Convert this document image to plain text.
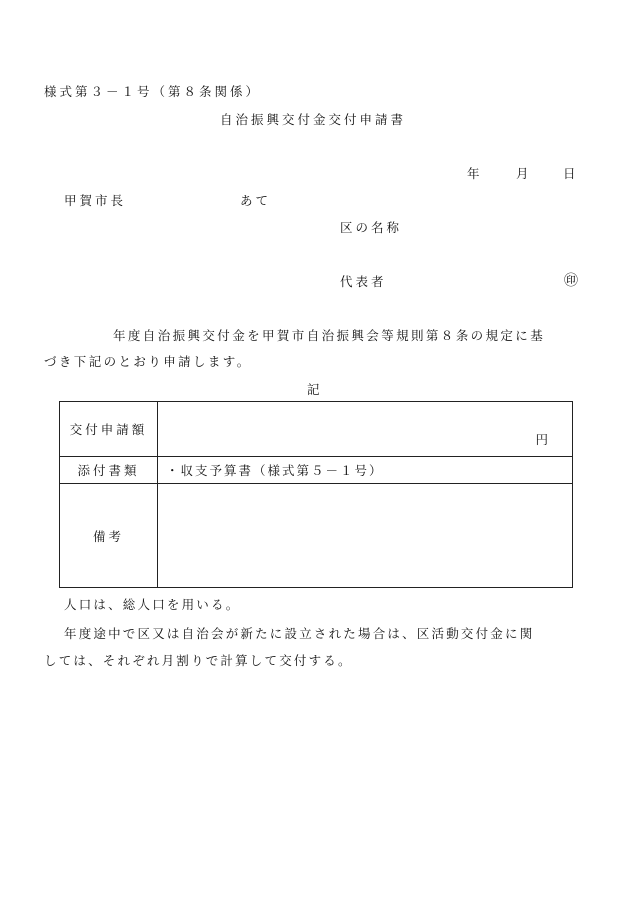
様式第３－１号（第８条関係）
自治振興交付金交付申請書
年	月	日
甲賀市長	あて
区の名称
代表者	㊞
年度自治振興交付金を甲賀市自治振興会等規則第８条の規定に基
づき下記のとおり申請します。
記
交付申請額	円

添付書類	・収支予算書（様式第５－１号）
備考	
人口は、総人口を用いる。
年度途中で区又は自治会が新たに設立された場合は、区活動交付金に関
しては、それぞれ月割りで計算して交付する。
